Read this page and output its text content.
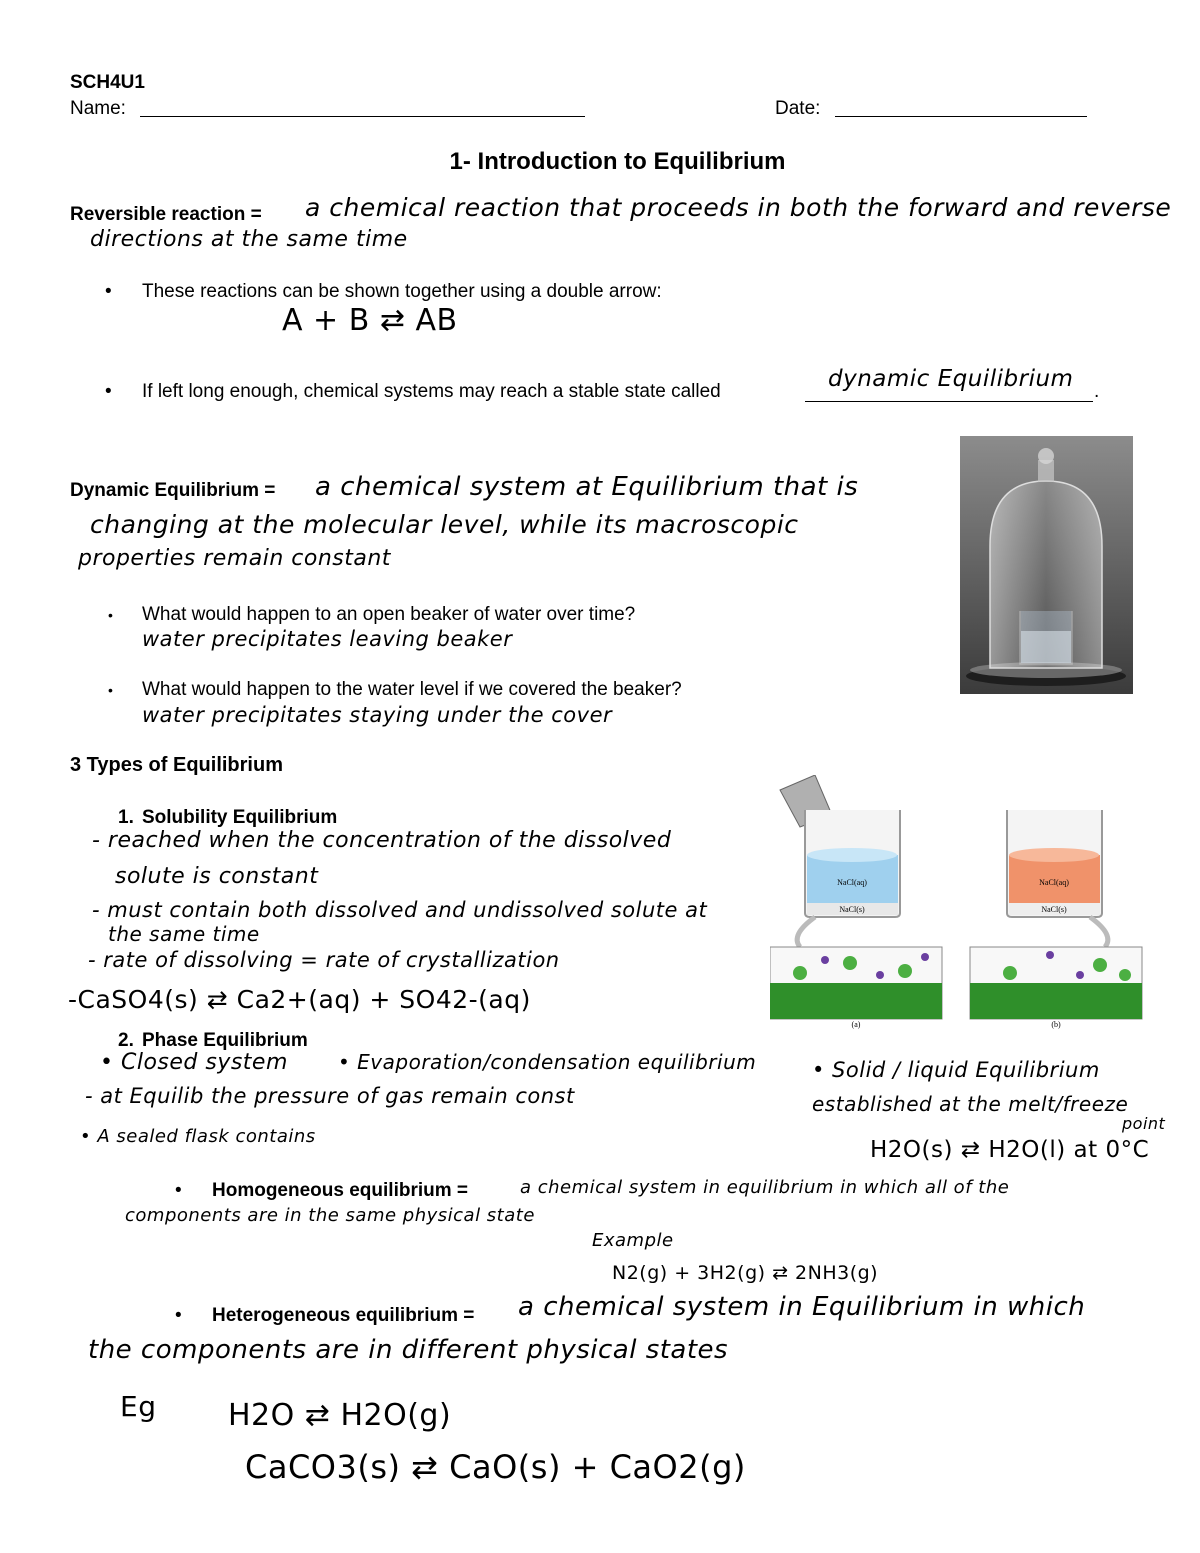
SCH4U1
Name:	Date:
1- Introduction to Equilibrium
Reversible reaction = a chemical reaction that proceeds in both the forward and reverse
directions at the same time
• These reactions can be shown together using a double arrow:
A + B ⇄ AB
• If left long enough, chemical systems may reach a stable state called	dynamic Equilibrium .
Dynamic Equilibrium = a chemical system at Equilibrium that is
changing at the molecular level, while its macroscopic
properties remain constant
• What would happen to an open beaker of water over time?
water precipitates leaving beaker
• What would happen to the water level if we covered the beaker?
water precipitates staying under the cover
3 Types of Equilibrium
1. Solubility Equilibrium
- reached when the concentration of the dissolved
solute is constant
- must contain both dissolved and undissolved solute at
the same time
- rate of dissolving = rate of crystallization
-CaSO4(s) ⇄ Ca2+(aq) + SO42-(aq)
NaCl(aq)
NaCl(s)
NaCl(aq)
NaCl(s)
(a)	(b)
2. Phase Equilibrium
• Closed system	• Evaporation/condensation equilibrium
- at Equilib the pressure of gas remain const
• A sealed flask contains
• Solid / liquid Equilibrium
established at the melt/freeze
point
H2O(s) ⇄ H2O(l) at 0°C
• Homogeneous equilibrium =	a chemical system in equilibrium in which all of the
components are in the same physical state
Example
N2(g) + 3H2(g) ⇄ 2NH3(g)
• Heterogeneous equilibrium = a chemical system in Equilibrium in which
the components are in different physical states
Eg H2O ⇄ H2O(g)
CaCO3(s) ⇄ CaO(s) + CaO2(g)
